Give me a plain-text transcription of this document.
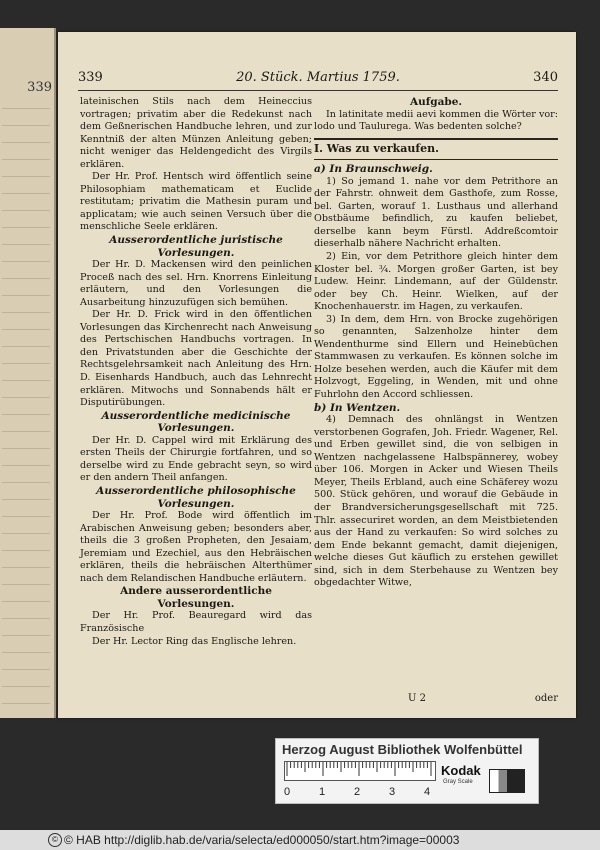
339
339	20. Stück. Martius 1759.	340

lateinischen Stils nach dem Heineccius vortragen; privatim aber die Redekunst nach dem Geßnerischen Handbuche lehren, und zur Kenntniß der alten Münzen Anleitung geben; nicht weniger das Heldengedicht des Virgils erklären.

Der Hr. Prof. Hentsch wird öffentlich seine Philosophiam mathematicam et Euclide restitutam; privatim die Mathesin puram und applicatam; wie auch seinen Versuch über die menschliche Seele erklären.

Ausserordentliche juristische Vorlesungen.

Der Hr. D. Mackensen wird den peinlichen Proceß nach des sel. Hrn. Knorrens Einleitung erläutern, und den Vorlesungen die Ausarbeitung hinzuzufügen sich bemühen.

Der Hr. D. Frick wird in den öffentlichen Vorlesungen das Kirchenrecht nach Anweisung des Pertschischen Handbuchs vortragen. In den Privatstunden aber die Geschichte der Rechtsgelehrsamkeit nach Anleitung des Hrn. D. Eisenhards Handbuch, auch das Lehnrecht erklären. Mitwochs und Sonnabends hält er Disputirübungen.

Ausserordentliche medicinische Vorlesungen.

Der Hr. D. Cappel wird mit Erklärung des ersten Theils der Chirurgie fortfahren, und so derselbe wird zu Ende gebracht seyn, so wird er den andern Theil anfangen.

Ausserordentliche philosophische Vorlesungen.

Der Hr. Prof. Bode wird öffentlich im Arabischen Anweisung geben; besonders aber, theils die 3 großen Propheten, den Jesaiam, Jeremiam und Ezechiel, aus den Hebräischen erklären, theils die hebräischen Alterthümer nach dem Relandischen Handbuche erläutern.

Andere ausserordentliche Vorlesungen.

Der Hr. Prof. Beauregard wird das Französische

Der Hr. Lector Ring das Englische lehren.

Aufgabe.

In latinitate medii aevi kommen die Wörter vor: lodo und Taulurega. Was bedenten solche?

I. Was zu verkaufen.

a) In Braunschweig.

1) So jemand 1. nahe vor dem Petrithore an der Fahrstr. ohnweit dem Gasthofe, zum Rosse, bel. Garten, worauf 1. Lusthaus und allerhand Obstbäume befindlich, zu kaufen beliebet, derselbe kann beym Fürstl. Addreßcomtoir dieserhalb nähere Nachricht erhalten.

2) Ein, vor dem Petrithore gleich hinter dem Kloster bel. ¾. Morgen großer Garten, ist bey Ludew. Heinr. Lindemann, auf der Güldenstr. oder bey Ch. Heinr. Wielken, auf der Knochenhauerstr. im Hagen, zu verkaufen.

3) In dem, dem Hrn. von Brocke zugehörigen so genannten, Salzenholze hinter dem Wendenthurme sind Ellern und Heinebüchen Stammwasen zu verkaufen. Es können solche im Holze besehen werden, auch die Käufer mit dem Holzvogt, Eggeling, in Wenden, mit und ohne Fuhrlohn den Accord schliessen.

b) In Wentzen.

4) Demnach des ohnlängst in Wentzen verstorbenen Gografen, Joh. Friedr. Wagener, Rel. und Erben gewillet sind, die von selbigen in Wentzen nachgelassene Halbspännerey, wobey über 106. Morgen in Acker und Wiesen Theils Meyer, Theils Erbland, auch eine Schäferey wozu 500. Stück gehören, und worauf die Gebäude in der Brandversicherungsgesellschaft mit 725. Thlr. assecuriret worden, an dem Meistbietenden aus der Hand zu verkaufen: So wird solches zu dem Ende bekannt gemacht, damit diejenigen, welche dieses Gut käuflich zu erstehen gewillet sind, sich in dem Sterbehause zu Wentzen bey obgedachter Witwe,

U 2	oder
Herzog August Bibliothek Wolfenbüttel
0	1	2	3	4
Kodak
Gray Scale
© © HAB http://diglib.hab.de/varia/selecta/ed000050/start.htm?image=00003
